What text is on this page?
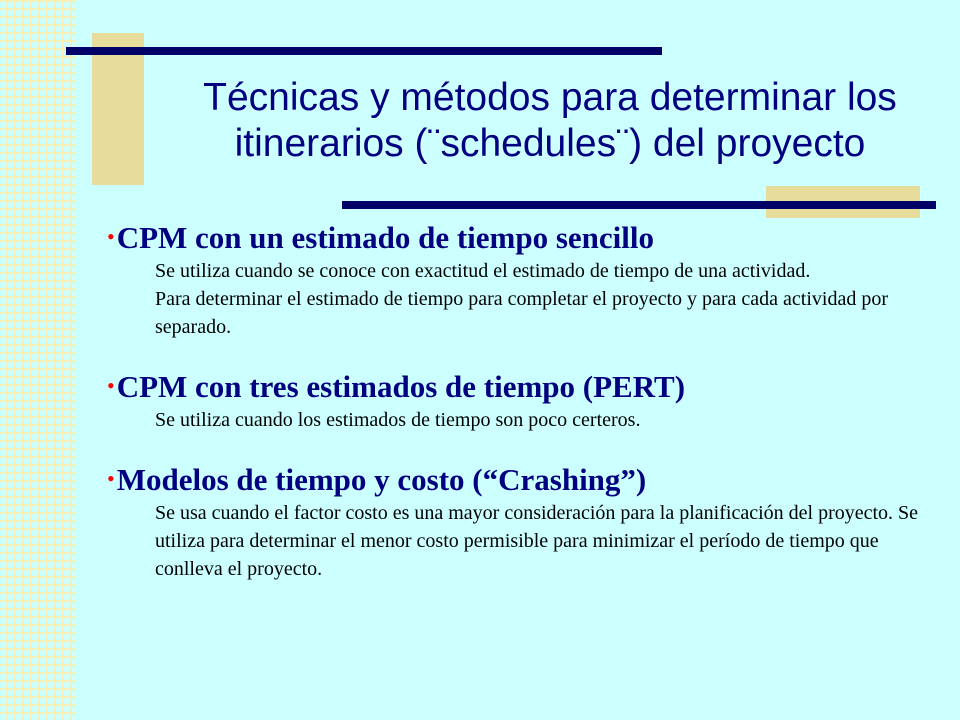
Técnicas y métodos para determinar los
itinerarios (¨schedules¨) del proyecto
•CPM con un estimado de tiempo sencillo

Se utiliza cuando se conoce con exactitud el estimado de tiempo de una actividad.

Para determinar el estimado de tiempo para completar el proyecto y para cada actividad por separado.

•CPM con tres estimados de tiempo (PERT)

Se utiliza cuando los estimados de tiempo son poco certeros.

•Modelos de tiempo y costo (“Crashing”)

Se usa cuando el factor costo es una mayor consideración para la planificación del proyecto. Se utiliza para determinar el menor costo permisible para minimizar el período de tiempo que conlleva el proyecto.
